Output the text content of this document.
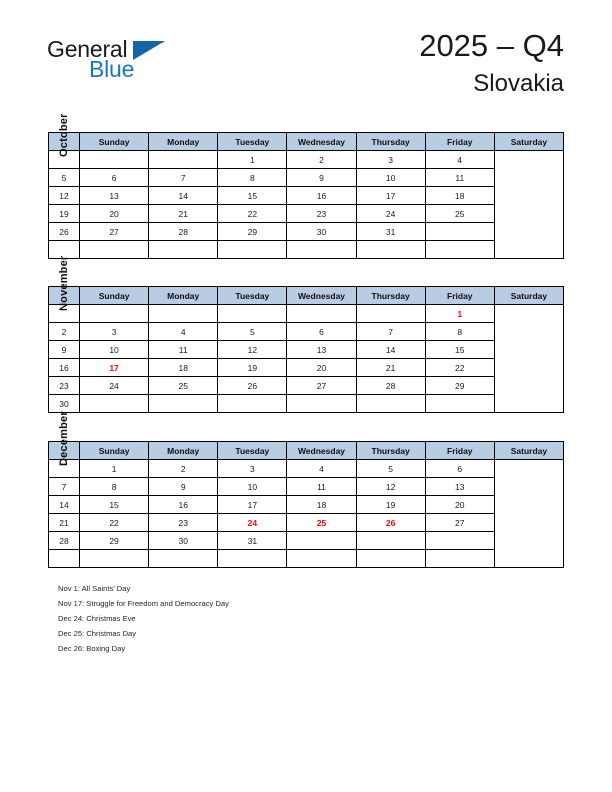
General
Blue
2025 – Q4
Slovakia
October	Sunday	Monday	Tuesday	Wednesday	Thursday	Friday	Saturday
			1	2	3	4	
5	6	7	8	9	10	11	
12	13	14	15	16	17	18	
19	20	21	22	23	24	25	
26	27	28	29	30	31		

November	Sunday	Monday	Tuesday	Wednesday	Thursday	Friday	Saturday
						1	
2	3	4	5	6	7	8	
9	10	11	12	13	14	15	
16	17	18	19	20	21	22	
23	24	25	26	27	28	29	
30							
December	Sunday	Monday	Tuesday	Wednesday	Thursday	Friday	Saturday
	1	2	3	4	5	6	
7	8	9	10	11	12	13	
14	15	16	17	18	19	20	
21	22	23	24	25	26	27	
28	29	30	31				

Nov 1: All Saints’ Day
Nov 17: Struggle for Freedom and Democracy Day
Dec 24: Christmas Eve
Dec 25: Christmas Day
Dec 26: Boxing Day
